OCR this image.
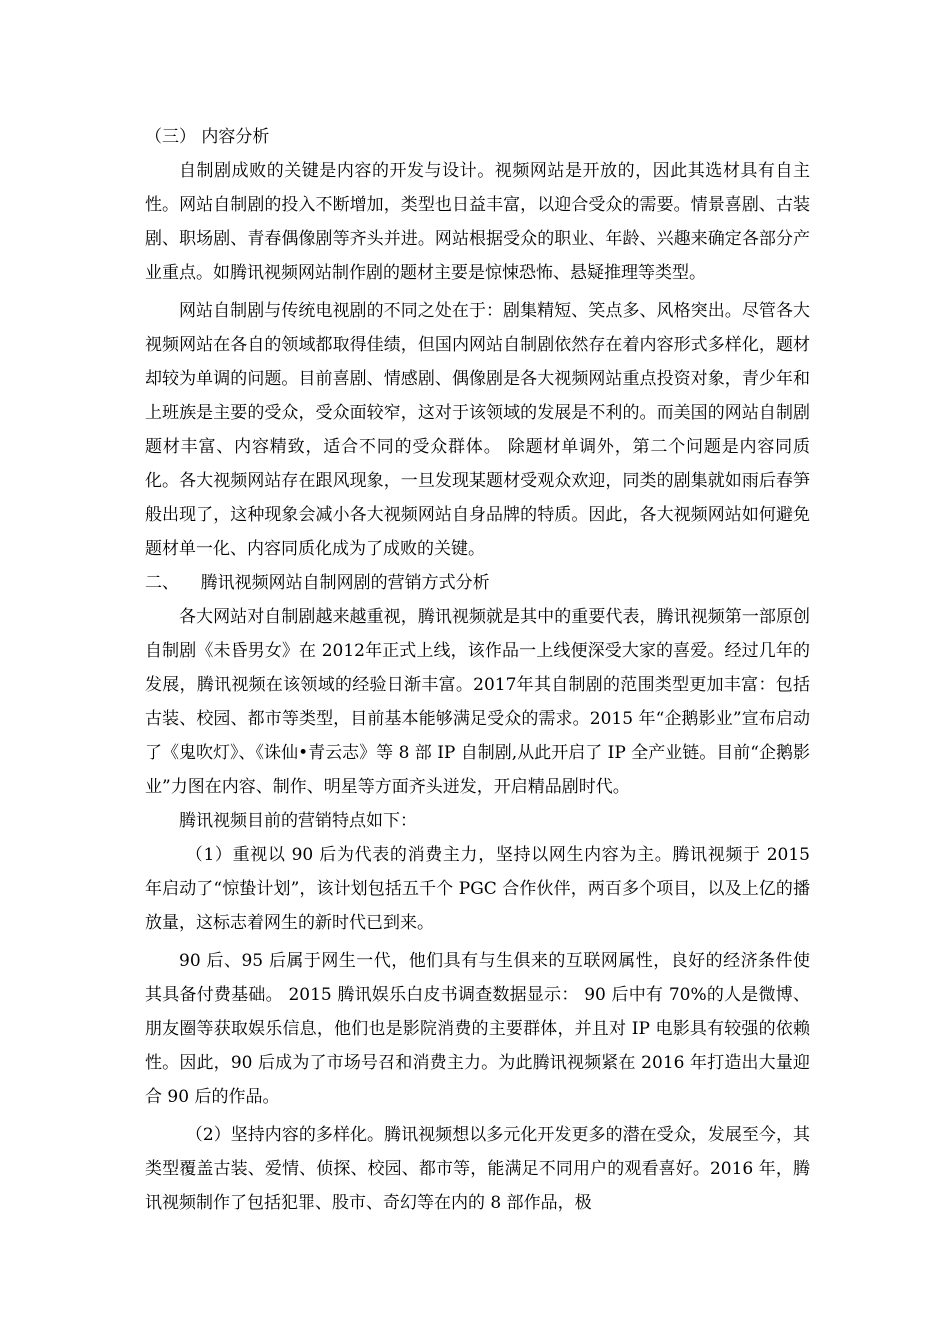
（三） 内容分析

自制剧成败的关键是内容的开发与设计。视频网站是开放的，因此其选材具有自主性。网站自制剧的投入不断增加，类型也日益丰富，以迎合受众的需要。情景喜剧、古装剧、职场剧、青春偶像剧等齐头并进。网站根据受众的职业、年龄、兴趣来确定各部分产业重点。如腾讯视频网站制作剧的题材主要是惊悚恐怖、悬疑推理等类型。

网站自制剧与传统电视剧的不同之处在于：剧集精短、笑点多、风格突出。尽管各大视频网站在各自的领域都取得佳绩，但国内网站自制剧依然存在着内容形式多样化，题材却较为单调的问题。目前喜剧、情感剧、偶像剧是各大视频网站重点投资对象，青少年和上班族是主要的受众，受众面较窄，这对于该领域的发展是不利的。而美国的网站自制剧题材丰富、内容精致，适合不同的受众群体。 除题材单调外，第二个问题是内容同质化。各大视频网站存在跟风现象，一旦发现某题材受观众欢迎，同类的剧集就如雨后春笋般出现了，这种现象会减小各大视频网站自身品牌的特质。因此，各大视频网站如何避免题材单一化、内容同质化成为了成败的关键。

二、    腾讯视频网站自制网剧的营销方式分析

各大网站对自制剧越来越重视，腾讯视频就是其中的重要代表，腾讯视频第一部原创自制剧《未昏男女》在 2012年正式上线，该作品一上线便深受大家的喜爱。经过几年的发展，腾讯视频在该领域的经验日渐丰富。2017年其自制剧的范围类型更加丰富：包括古装、校园、都市等类型，目前基本能够满足受众的需求。2015 年“企鹅影业”宣布启动了《鬼吹灯》、《诛仙•青云志》等 8 部 IP 自制剧,从此开启了 IP 全产业链。目前“企鹅影业”力图在内容、制作、明星等方面齐头迸发，开启精品剧时代。

腾讯视频目前的营销特点如下：

（1）重视以 90 后为代表的消费主力，坚持以网生内容为主。腾讯视频于 2015 年启动了“惊蛰计划”，该计划包括五千个 PGC 合作伙伴，两百多个项目，以及上亿的播放量，这标志着网生的新时代已到来。

90 后、95 后属于网生一代，他们具有与生俱来的互联网属性，良好的经济条件使其具备付费基础。 2015 腾讯娱乐白皮书调查数据显示： 90 后中有 70%的人是微博、朋友圈等获取娱乐信息，他们也是影院消费的主要群体，并且对 IP 电影具有较强的依赖性。因此，90 后成为了市场号召和消费主力。为此腾讯视频紧在 2016 年打造出大量迎合 90 后的作品。

（2）坚持内容的多样化。腾讯视频想以多元化开发更多的潜在受众，发展至今，其类型覆盖古装、爱情、侦探、校园、都市等，能满足不同用户的观看喜好。2016 年，腾讯视频制作了包括犯罪、股市、奇幻等在内的 8 部作品，极
